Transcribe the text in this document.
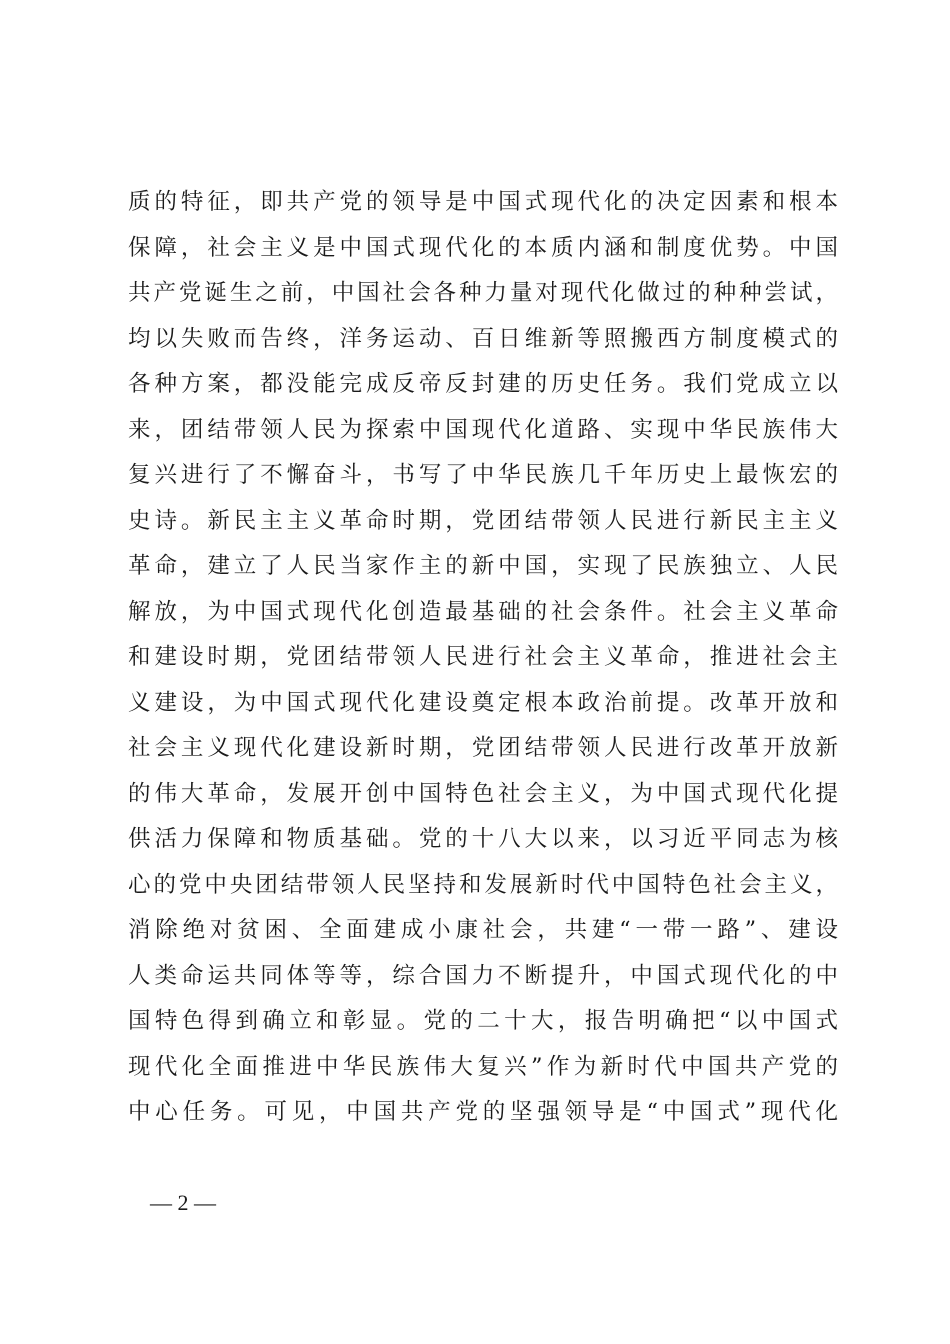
质的特征，即共产党的领导是中国式现代化的决定因素和根本
保障，社会主义是中国式现代化的本质内涵和制度优势。中国
共产党诞生之前，中国社会各种力量对现代化做过的种种尝试，
均以失败而告终，洋务运动、百日维新等照搬西方制度模式的
各种方案，都没能完成反帝反封建的历史任务。我们党成立以
来，团结带领人民为探索中国现代化道路、实现中华民族伟大
复兴进行了不懈奋斗，书写了中华民族几千年历史上最恢宏的
史诗。新民主主义革命时期，党团结带领人民进行新民主主义
革命，建立了人民当家作主的新中国，实现了民族独立、人民
解放，为中国式现代化创造最基础的社会条件。社会主义革命
和建设时期，党团结带领人民进行社会主义革命，推进社会主
义建设，为中国式现代化建设奠定根本政治前提。改革开放和
社会主义现代化建设新时期，党团结带领人民进行改革开放新
的伟大革命，发展开创中国特色社会主义，为中国式现代化提
供活力保障和物质基础。党的十八大以来，以习近平同志为核
心的党中央团结带领人民坚持和发展新时代中国特色社会主义，
消除绝对贫困、全面建成小康社会，共建“一带一路”、建设
人类命运共同体等等，综合国力不断提升，中国式现代化的中
国特色得到确立和彰显。党的二十大，报告明确把“以中国式
现代化全面推进中华民族伟大复兴”作为新时代中国共产党的
中心任务。可见，中国共产党的坚强领导是“中国式”现代化
— 2 —
